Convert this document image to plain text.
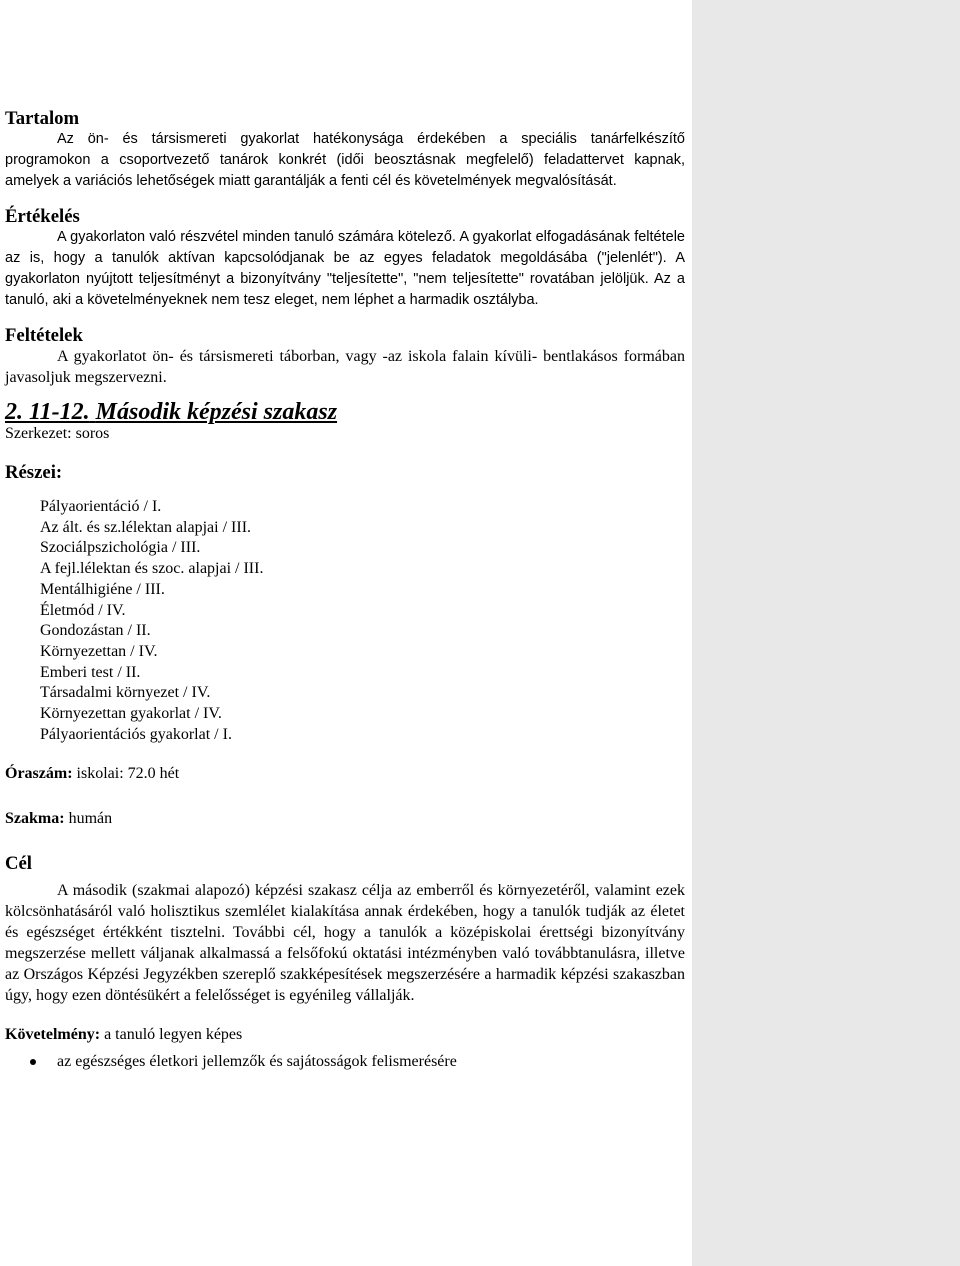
Tartalom

Az ön- és társismereti gyakorlat hatékonysága érdekében a speciális tanárfelkészítő programokon a csoportvezető tanárok konkrét (idői beosztásnak megfelelő) feladattervet kapnak, amelyek a variációs lehetőségek miatt garantálják a fenti cél és követelmények megvalósítását.

Értékelés

A gyakorlaton való részvétel minden tanuló számára kötelező. A gyakorlat elfogadásának feltétele az is, hogy a tanulók aktívan kapcsolódjanak be az egyes feladatok megoldásába ("jelenlét"). A gyakorlaton nyújtott teljesítményt a bizonyítvány "teljesítette", "nem teljesítette" rovatában jelöljük. Az a tanuló, aki a követelményeknek nem tesz eleget, nem léphet a harmadik osztályba.

Feltételek

A gyakorlatot ön- és társismereti táborban, vagy -az iskola falain kívüli- bentlakásos formában javasoljuk megszervezni.

2. 11-12. Második képzési szakasz

Szerkezet: soros

Részei:
Pályaorientáció / I.
Az ált. és sz.lélektan alapjai / III.
Szociálpszichológia / III.
A fejl.lélektan és szoc. alapjai / III.
Mentálhigiéne / III.
Életmód / IV.
Gondozástan / II.
Környezettan / IV.
Emberi test / II.
Társadalmi környezet / IV.
Környezettan gyakorlat / IV.
Pályaorientációs gyakorlat / I.

Óraszám: iskolai: 72.0 hét

Szakma: humán

Cél

A második (szakmai alapozó) képzési szakasz célja az emberről és környezetéről, valamint ezek kölcsönhatásáról való holisztikus szemlélet kialakítása annak érdekében, hogy a tanulók tudják az életet és egészséget értékként tisztelni. További cél, hogy a tanulók a középiskolai érettségi bizonyítvány megszerzése mellett váljanak alkalmassá a felsőfokú oktatási intézményben való továbbtanulásra, illetve az Országos Képzési Jegyzékben szereplő szakképesítések megszerzésére a harmadik képzési szakaszban úgy, hogy ezen döntésükért a felelősséget is egyénileg vállalják.

Követelmény: a tanuló legyen képes

az egészséges életkori jellemzők és sajátosságok felismerésére
